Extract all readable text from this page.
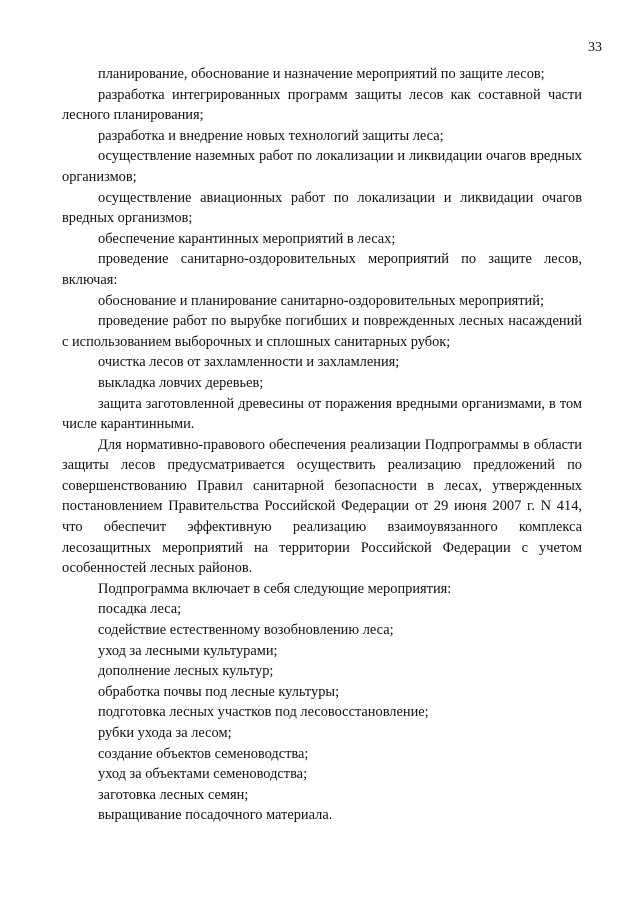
33

планирование, обоснование и назначение мероприятий по защите лесов;

разработка интегрированных программ защиты лесов как составной части лесного планирования;

разработка и внедрение новых технологий защиты леса;

осуществление наземных работ по локализации и ликвидации очагов вредных организмов;

осуществление авиационных работ по локализации и ликвидации очагов вредных организмов;

обеспечение карантинных мероприятий в лесах;

проведение санитарно-оздоровительных мероприятий по защите лесов, включая:

обоснование и планирование санитарно-оздоровительных мероприятий;

проведение работ по вырубке погибших и поврежденных лесных насаждений с использованием выборочных и сплошных санитарных рубок;

очистка лесов от захламленности и захламления;

выкладка ловчих деревьев;

защита заготовленной древесины от поражения вредными организмами, в том числе карантинными.

Для нормативно-правового обеспечения реализации Подпрограммы в области защиты лесов предусматривается осуществить реализацию предложений по совершенствованию Правил санитарной безопасности в лесах, утвержденных постановлением Правительства Российской Федерации от 29 июня 2007 г. N 414, что обеспечит эффективную реализацию взаимоувязанного комплекса лесозащитных мероприятий на территории Российской Федерации с учетом особенностей лесных районов.

Подпрограмма включает в себя следующие мероприятия:

посадка леса;

содействие естественному возобновлению леса;

уход за лесными культурами;

дополнение лесных культур;

обработка почвы под лесные культуры;

подготовка лесных участков под лесовосстановление;

рубки ухода за лесом;

создание объектов семеноводства;

уход за объектами семеноводства;

заготовка лесных семян;

выращивание посадочного материала.
